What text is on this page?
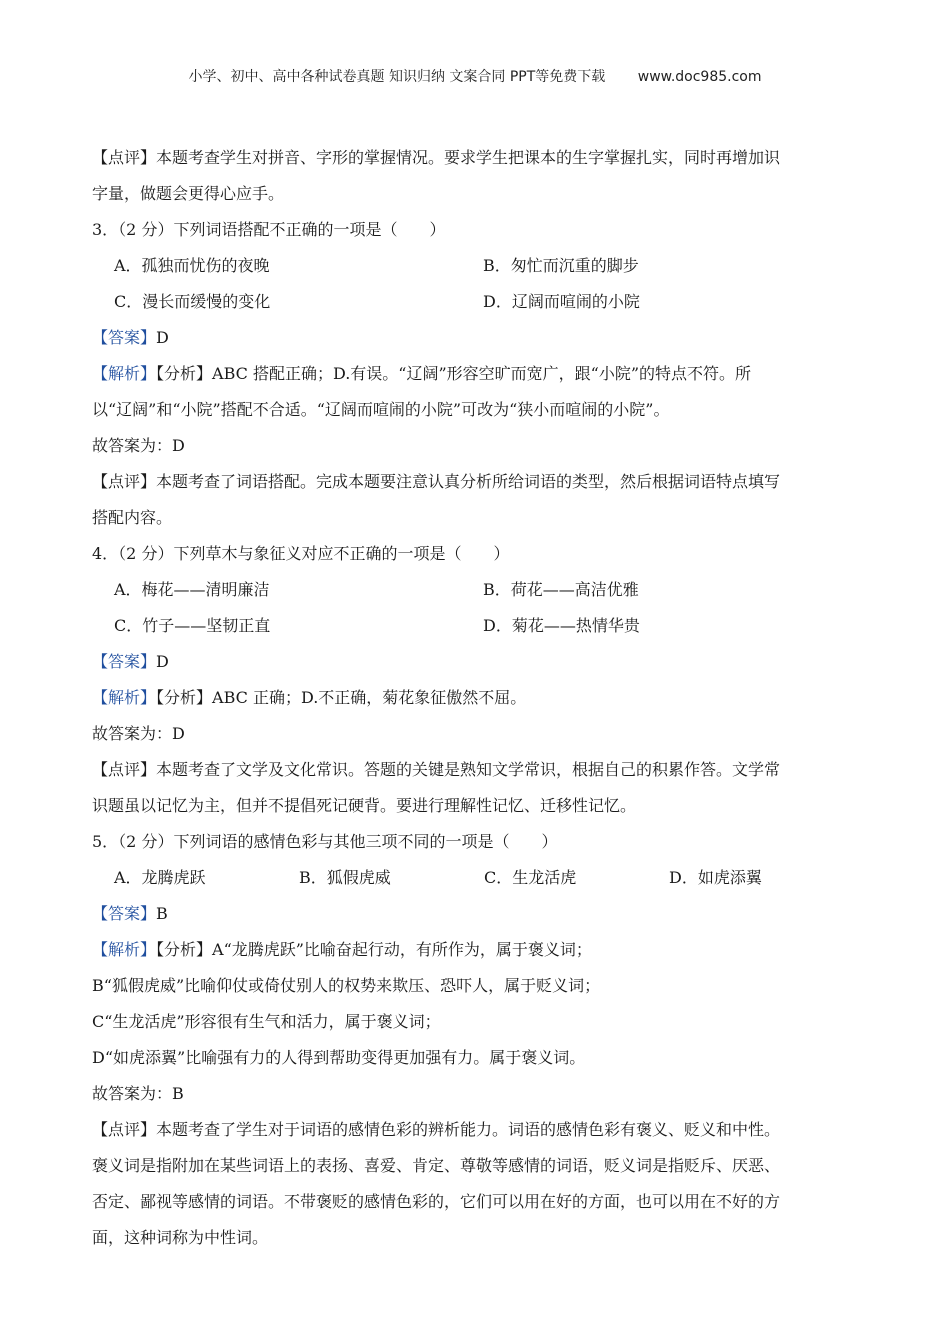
小学、初中、高中各种试卷真题 知识归纳 文案合同 PPT等免费下载 www.doc985.com
【点评】本题考查学生对拼音、字形的掌握情况。要求学生把课本的生字掌握扎实，同时再增加识
字量，做题会更得心应手。
3．（2 分）下列词语搭配不正确的一项是（　　）
A．孤独而忧伤的夜晚	B．匆忙而沉重的脚步
C．漫长而缓慢的变化	D．辽阔而喧闹的小院
【答案】D
【解析】【分析】ABC 搭配正确；D.有误。“辽阔”形容空旷而宽广，跟“小院”的特点不符。所
以“辽阔”和“小院”搭配不合适。“辽阔而喧闹的小院”可改为“狭小而喧闹的小院”。
故答案为：D
【点评】本题考查了词语搭配。完成本题要注意认真分析所给词语的类型，然后根据词语特点填写
搭配内容。
4．（2 分）下列草木与象征义对应不正确的一项是（　　）
A．梅花——清明廉洁	B．荷花——高洁优雅
C．竹子——坚韧正直	D．菊花——热情华贵
【答案】D
【解析】【分析】ABC 正确；D.不正确，菊花象征傲然不屈。
故答案为：D
【点评】本题考查了文学及文化常识。答题的关键是熟知文学常识，根据自己的积累作答。文学常
识题虽以记忆为主，但并不提倡死记硬背。要进行理解性记忆、迁移性记忆。
5．（2 分）下列词语的感情色彩与其他三项不同的一项是（　　）
A．龙腾虎跃	B．狐假虎威	C．生龙活虎	D．如虎添翼
【答案】B
【解析】【分析】A“龙腾虎跃”比喻奋起行动，有所作为，属于褒义词；
B“狐假虎威”比喻仰仗或倚仗别人的权势来欺压、恐吓人，属于贬义词；
C“生龙活虎”形容很有生气和活力，属于褒义词；
D“如虎添翼”比喻强有力的人得到帮助变得更加强有力。属于褒义词。
故答案为：B
【点评】本题考查了学生对于词语的感情色彩的辨析能力。词语的感情色彩有褒义、贬义和中性。
褒义词是指附加在某些词语上的表扬、喜爱、肯定、尊敬等感情的词语，贬义词是指贬斥、厌恶、
否定、鄙视等感情的词语。不带褒贬的感情色彩的，它们可以用在好的方面，也可以用在不好的方
面，这种词称为中性词。
